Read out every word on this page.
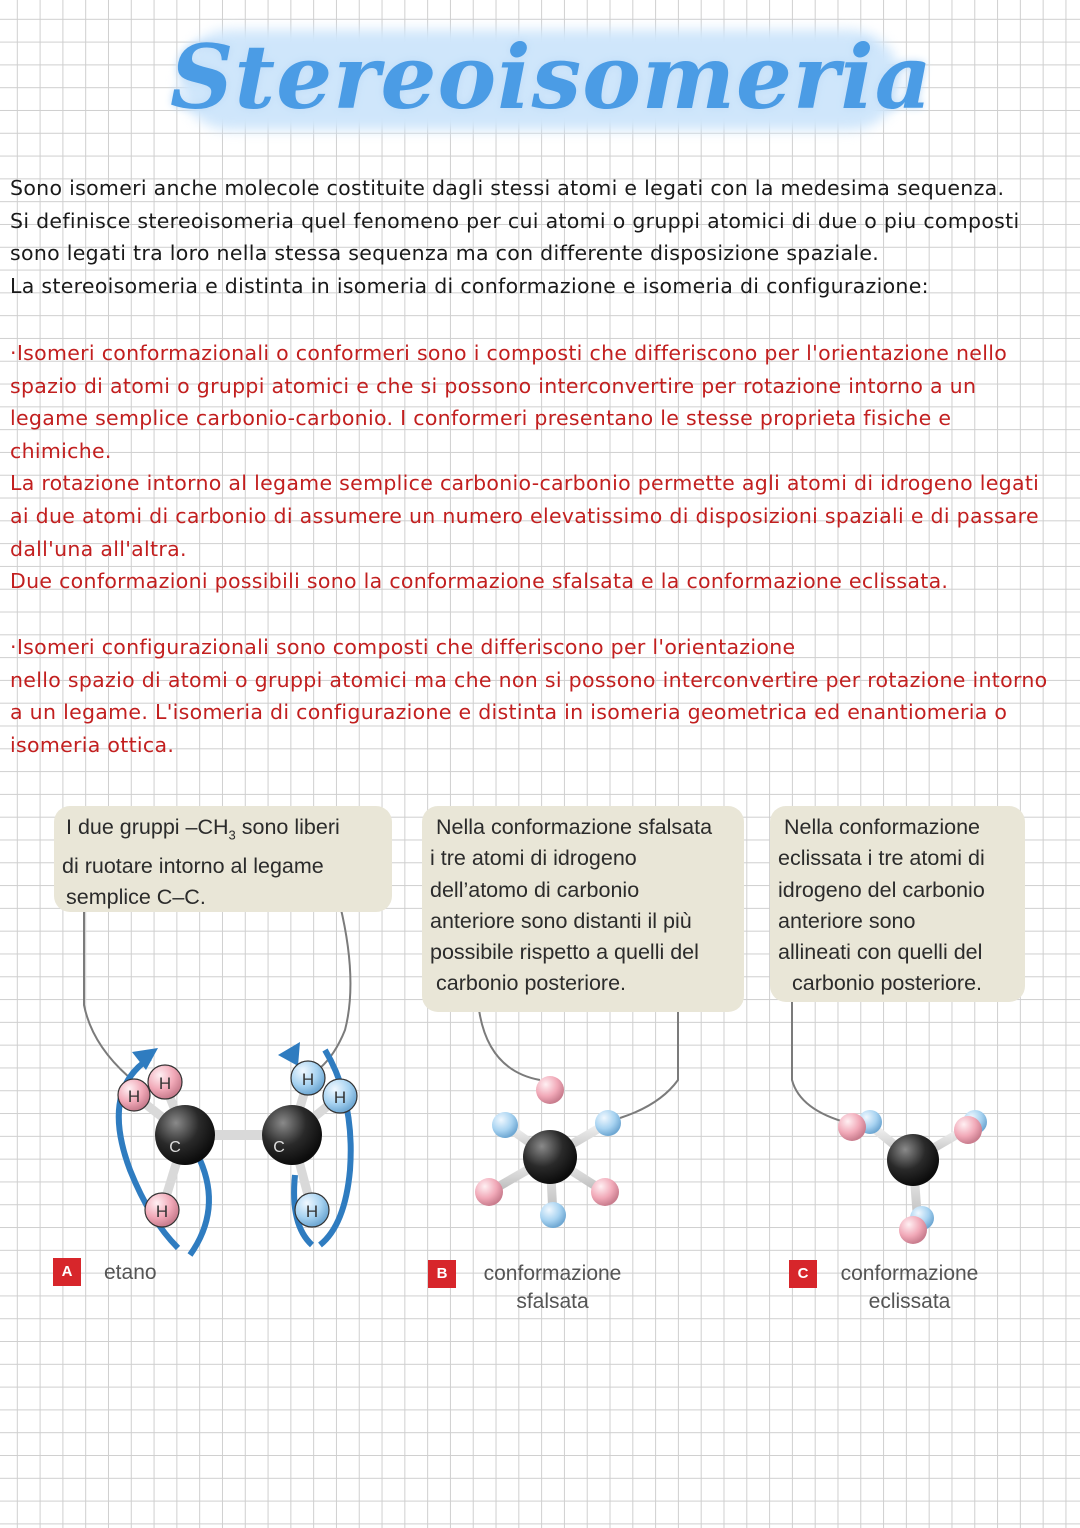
Stereoisomeria
Sono isomeri anche molecole costituite dagli stessi atomi e legati con la medesima sequenza.
Si definisce stereoisomeria quel fenomeno per cui atomi o gruppi atomici di due o piu composti
sono legati tra loro nella stessa sequenza ma con differente disposizione spaziale.
La stereoisomeria e distinta in isomeria di conformazione e isomeria di configurazione:
·Isomeri conformazionali o conformeri sono i composti che differiscono per l'orientazione nello
spazio di atomi o gruppi atomici e che si possono interconvertire per rotazione intorno a un
legame semplice carbonio-carbonio. I conformeri presentano le stesse proprieta fisiche e
chimiche.
La rotazione intorno al legame semplice carbonio-carbonio permette agli atomi di idrogeno legati
ai due atomi di carbonio di assumere un numero elevatissimo di disposizioni spaziali e di passare
dall'una all'altra.
Due conformazioni possibili sono la conformazione sfalsata e la conformazione eclissata.
·Isomeri configurazionali sono composti che differiscono per l'orientazione
nello spazio di atomi o gruppi atomici ma che non si possono interconvertire per rotazione intorno
a un legame. L'isomeria di configurazione e distinta in isomeria geometrica ed enantiomeria o
isomeria ottica.
H
H
C
H
C
H
H
H
I due gruppi $-CH_3$ sono liberi
di ruotare intorno al legame
semplice C–C.
Nella conformazione sfalsata
i tre atomi di idrogeno
dell’atomo di carbonio
anteriore sono distanti il più
possibile rispetto a quelli del
carbonio posteriore.
Nella conformazione
eclissata i tre atomi di
idrogeno del carbonio
anteriore sono
allineati con quelli del
carbonio posteriore.
A	etano	B	conformazione
sfalsata
C	conformazione
eclissata
